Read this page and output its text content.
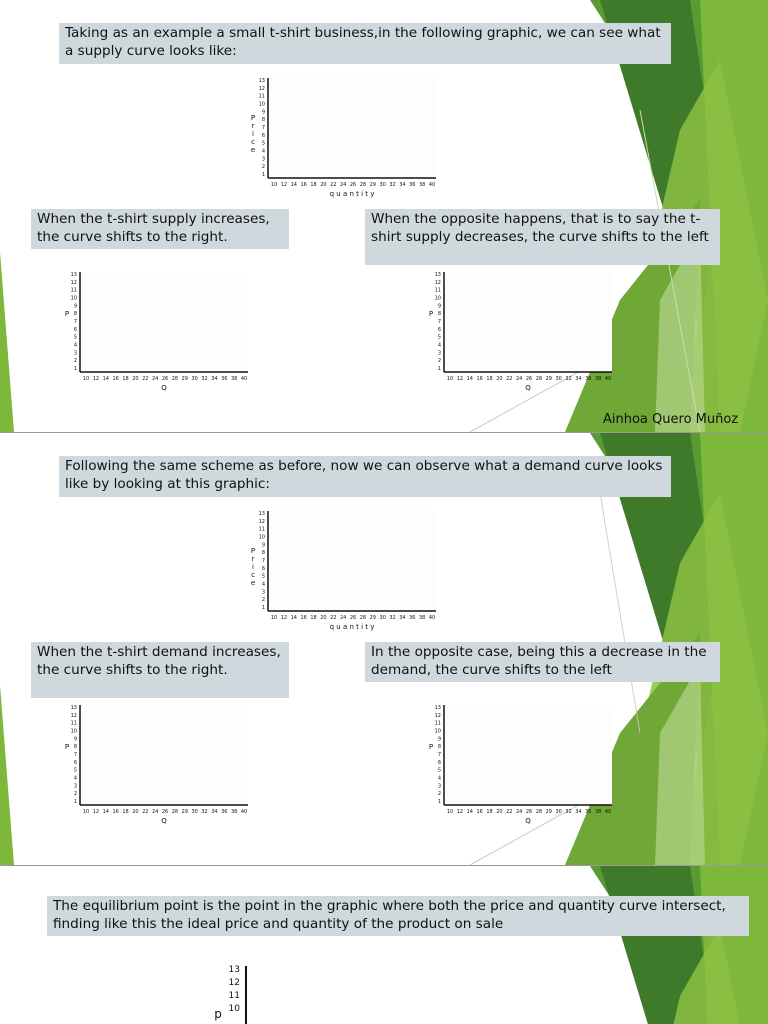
Taking as an example a small t-shirt business,in the following graphic, we can see what a supply curve looks like:
13
12
11
10
9
8
7
6
5
4
3
2
1
10 12 14 16 18 20 22 24 26 28 29 30 32 34 36 38 40
P
r
i
c
e
q u a n t i t y
When the t-shirt supply increases, the curve shifts to the right.
When the opposite happens, that is to say the t-shirt supply decreases, the curve shifts to the left
13
12
11
10
9
8
7
6
5
4
3
2
1
10 12 14 16 18 20 22 24 26 28 29 30 32 34 36 38 40
P
Q
13
12
11
10
9
8
7
6
5
4
3
2
1
10 12 14 16 18 20 22 24 26 28 29 30 32 34 36 38 40
P
Q
Ainhoa Quero Muñoz
Following the same scheme as before, now we can observe what a demand curve looks like by looking at this graphic:
13
12
11
10
9
8
7
6
5
4
3
2
1
10 12 14 16 18 20 22 24 26 28 29 30 32 34 36 38 40
P
r
i
c
e
q u a n t i t y
When the t-shirt demand increases, the curve shifts to the right.
In the opposite case, being this a decrease in the demand, the curve shifts to the left
13
12
11
10
9
8
7
6
5
4
3
2
1
10 12 14 16 18 20 22 24 26 28 29 30 32 34 36 38 40
P
Q
13
12
11
10
9
8
7
6
5
4
3
2
1
10 12 14 16 18 20 22 24 26 28 29 30 32 34 36 38 40
P
Q
The equilibrium point is the point in the graphic where both the price and quantity curve intersect, finding like this the ideal price and quantity of the product on sale
13
12
11
10
p
